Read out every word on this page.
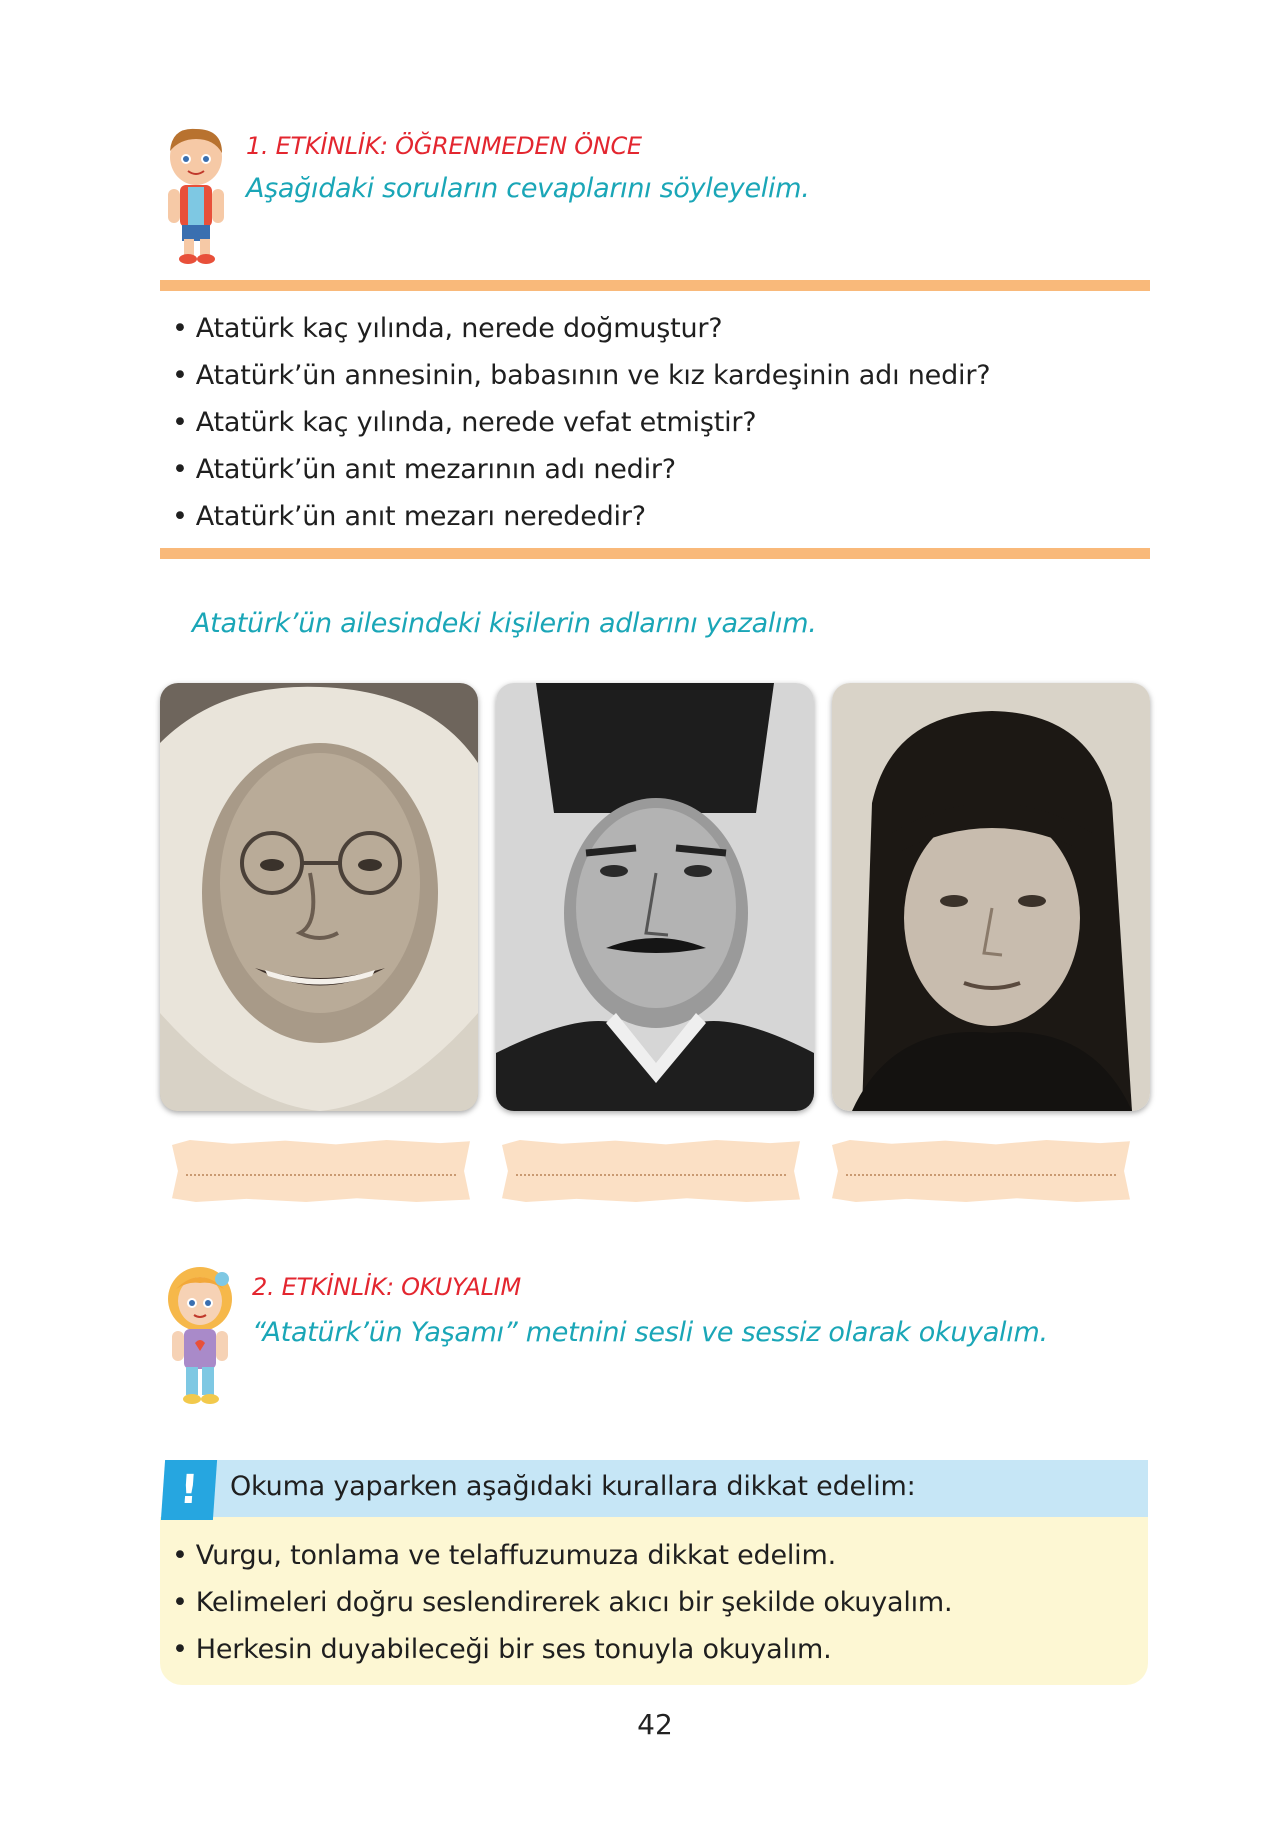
1. ETKİNLİK: ÖĞRENMEDEN ÖNCE
Aşağıdaki soruların cevaplarını söyleyelim.
• Atatürk kaç yılında, nerede doğmuştur?
• Atatürk’ün annesinin, babasının ve kız kardeşinin adı nedir?
• Atatürk kaç yılında, nerede vefat etmiştir?
• Atatürk’ün anıt mezarının adı nedir?
• Atatürk’ün anıt mezarı nerededir?
Atatürk’ün ailesindeki kişilerin adlarını yazalım.
2. ETKİNLİK: OKUYALIM
“Atatürk’ün Yaşamı” metnini sesli ve sessiz olarak okuyalım.
Okuma yaparken aşağıdaki kurallara dikkat edelim:
!
• Vurgu, tonlama ve telaffuzumuza dikkat edelim.
• Kelimeleri doğru seslendirerek akıcı bir şekilde okuyalım.
• Herkesin duyabileceği bir ses tonuyla okuyalım.
42
